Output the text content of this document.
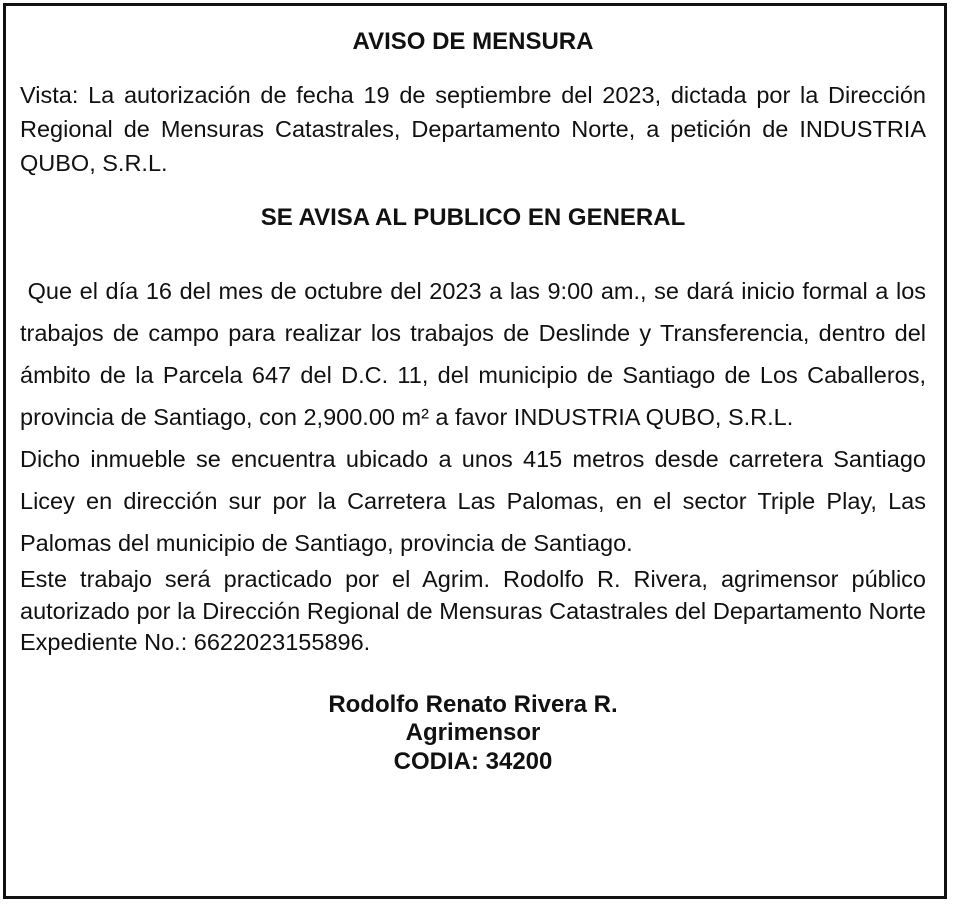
AVISO DE MENSURA

Vista: La autorización de fecha 19 de septiembre del 2023, dictada por la Dirección Regional de Mensuras Catastrales, Departamento Norte, a petición de INDUSTRIA QUBO, S.R.L.

SE AVISA AL PUBLICO EN GENERAL

Que el día 16 del mes de octubre del 2023 a las 9:00 am., se dará inicio formal a los trabajos de campo para realizar los trabajos de Deslinde y Transferencia, dentro del ámbito de la Parcela 647 del D.C. 11, del municipio de Santiago de Los Caballeros, provincia de Santiago, con 2,900.00 m² a favor INDUSTRIA QUBO, S.R.L.

Dicho inmueble se encuentra ubicado a unos 415 metros desde carretera Santiago Licey en dirección sur por la Carretera Las Palomas, en el sector Triple Play, Las Palomas del municipio de Santiago, provincia de Santiago.

Este trabajo será practicado por el Agrim. Rodolfo R. Rivera, agrimensor público autorizado por la Dirección Regional de Mensuras Catastrales del Departamento Norte Expediente No.: 6622023155896.

Rodolfo Renato Rivera R.

Agrimensor

CODIA: 34200
